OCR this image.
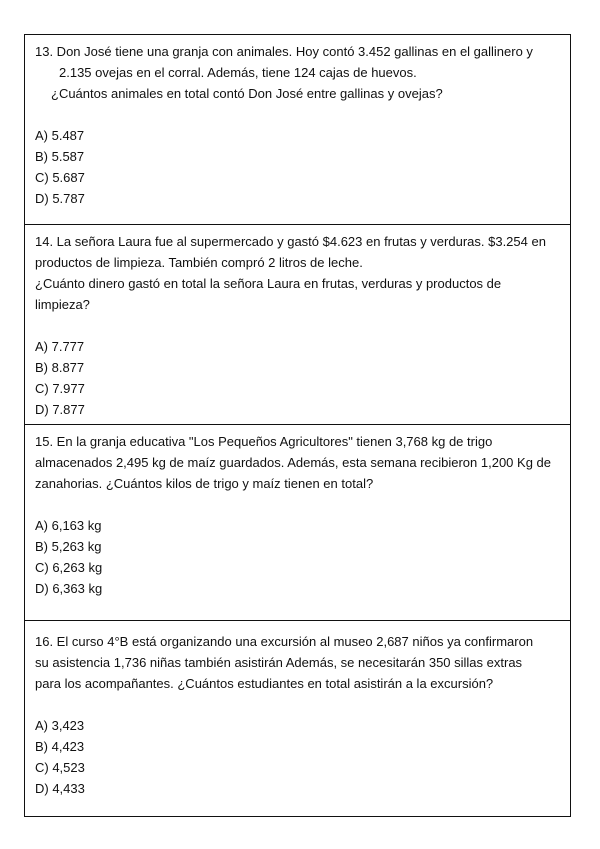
13. Don José tiene una granja con animales. Hoy contó 3.452 gallinas en el gallinero y

2.135 ovejas en el corral. Además, tiene 124 cajas de huevos.

¿Cuántos animales en total contó Don José entre gallinas y ovejas?

A) 5.487

B) 5.587

C) 5.687

D) 5.787

14. La señora Laura fue al supermercado y gastó $4.623 en frutas y verduras. $3.254 en

productos de limpieza. También compró 2 litros de leche.

¿Cuánto dinero gastó en total la señora Laura en frutas, verduras y productos de

limpieza?

A) 7.777

B) 8.877

C) 7.977

D) 7.877

15. En la granja educativa "Los Pequeños Agricultores" tienen 3,768 kg de trigo

almacenados 2,495 kg de maíz guardados. Además, esta semana recibieron 1,200 Kg de

zanahorias. ¿Cuántos kilos de trigo y maíz tienen en total?

A) 6,163 kg

B) 5,263 kg

C) 6,263 kg

D) 6,363 kg

16. El curso 4°B está organizando una excursión al museo 2,687 niños ya confirmaron

su asistencia 1,736 niñas también asistirán Además, se necesitarán 350 sillas extras

para los acompañantes. ¿Cuántos estudiantes en total asistirán a la excursión?

A) 3,423

B) 4,423

C) 4,523

D) 4,433
